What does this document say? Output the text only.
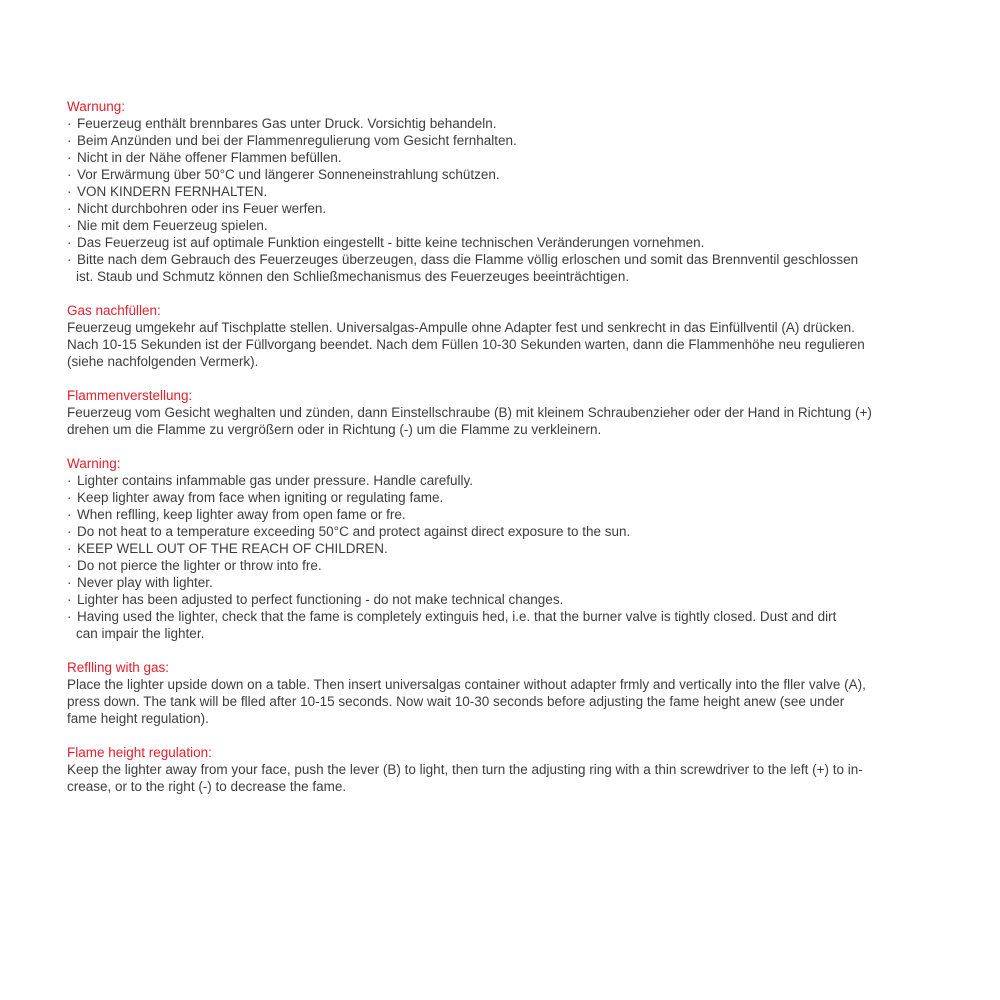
Warnung:
· Feuerzeug enthält brennbares Gas unter Druck. Vorsichtig behandeln.
· Beim Anzünden und bei der Flammenregulierung vom Gesicht fernhalten.
· Nicht in der Nähe offener Flammen befüllen.
· Vor Erwärmung über 50°C und längerer Sonneneinstrahlung schützen.
· VON KINDERN FERNHALTEN.
· Nicht durchbohren oder ins Feuer werfen.
· Nie mit dem Feuerzeug spielen.
· Das Feuerzeug ist auf optimale Funktion eingestellt - bitte keine technischen Veränderungen vornehmen.
· Bitte nach dem Gebrauch des Feuerzeuges überzeugen, dass die Flamme völlig erloschen und somit das Brennventil geschlossen
ist. Staub und Schmutz können den Schließmechanismus des Feuerzeuges beeinträchtigen.
Gas nachfüllen:
Feuerzeug umgekehr auf Tischplatte stellen. Universalgas-Ampulle ohne Adapter fest und senkrecht in das Einfüllventil (A) drücken.
Nach 10-15 Sekunden ist der Füllvorgang beendet. Nach dem Füllen 10-30 Sekunden warten, dann die Flammenhöhe neu regulieren
(siehe nachfolgenden Vermerk).
Flammenverstellung:
Feuerzeug vom Gesicht weghalten und zünden, dann Einstellschraube (B) mit kleinem Schraubenzieher oder der Hand in Richtung (+)
drehen um die Flamme zu vergrößern oder in Richtung (-) um die Flamme zu verkleinern.
Warning:
· Lighter contains infammable gas under pressure. Handle carefully.
· Keep lighter away from face when igniting or regulating fame.
· When reflling, keep lighter away from open fame or fre.
· Do not heat to a temperature exceeding 50°C and protect against direct exposure to the sun.
· KEEP WELL OUT OF THE REACH OF CHILDREN.
· Do not pierce the lighter or throw into fre.
· Never play with lighter.
· Lighter has been adjusted to perfect functioning - do not make technical changes.
· Having used the lighter, check that the fame is completely extinguis hed, i.e. that the burner valve is tightly closed. Dust and dirt
can impair the lighter.
Reflling with gas:
Place the lighter upside down on a table. Then insert universalgas container without adapter frmly and vertically into the fller valve (A),
press down. The tank will be flled after 10-15 seconds. Now wait 10-30 seconds before adjusting the fame height anew (see under
fame height regulation).
Flame height regulation:
Keep the lighter away from your face, push the lever (B) to light, then turn the adjusting ring with a thin screwdriver to the left (+) to in-
crease, or to the right (-) to decrease the fame.
